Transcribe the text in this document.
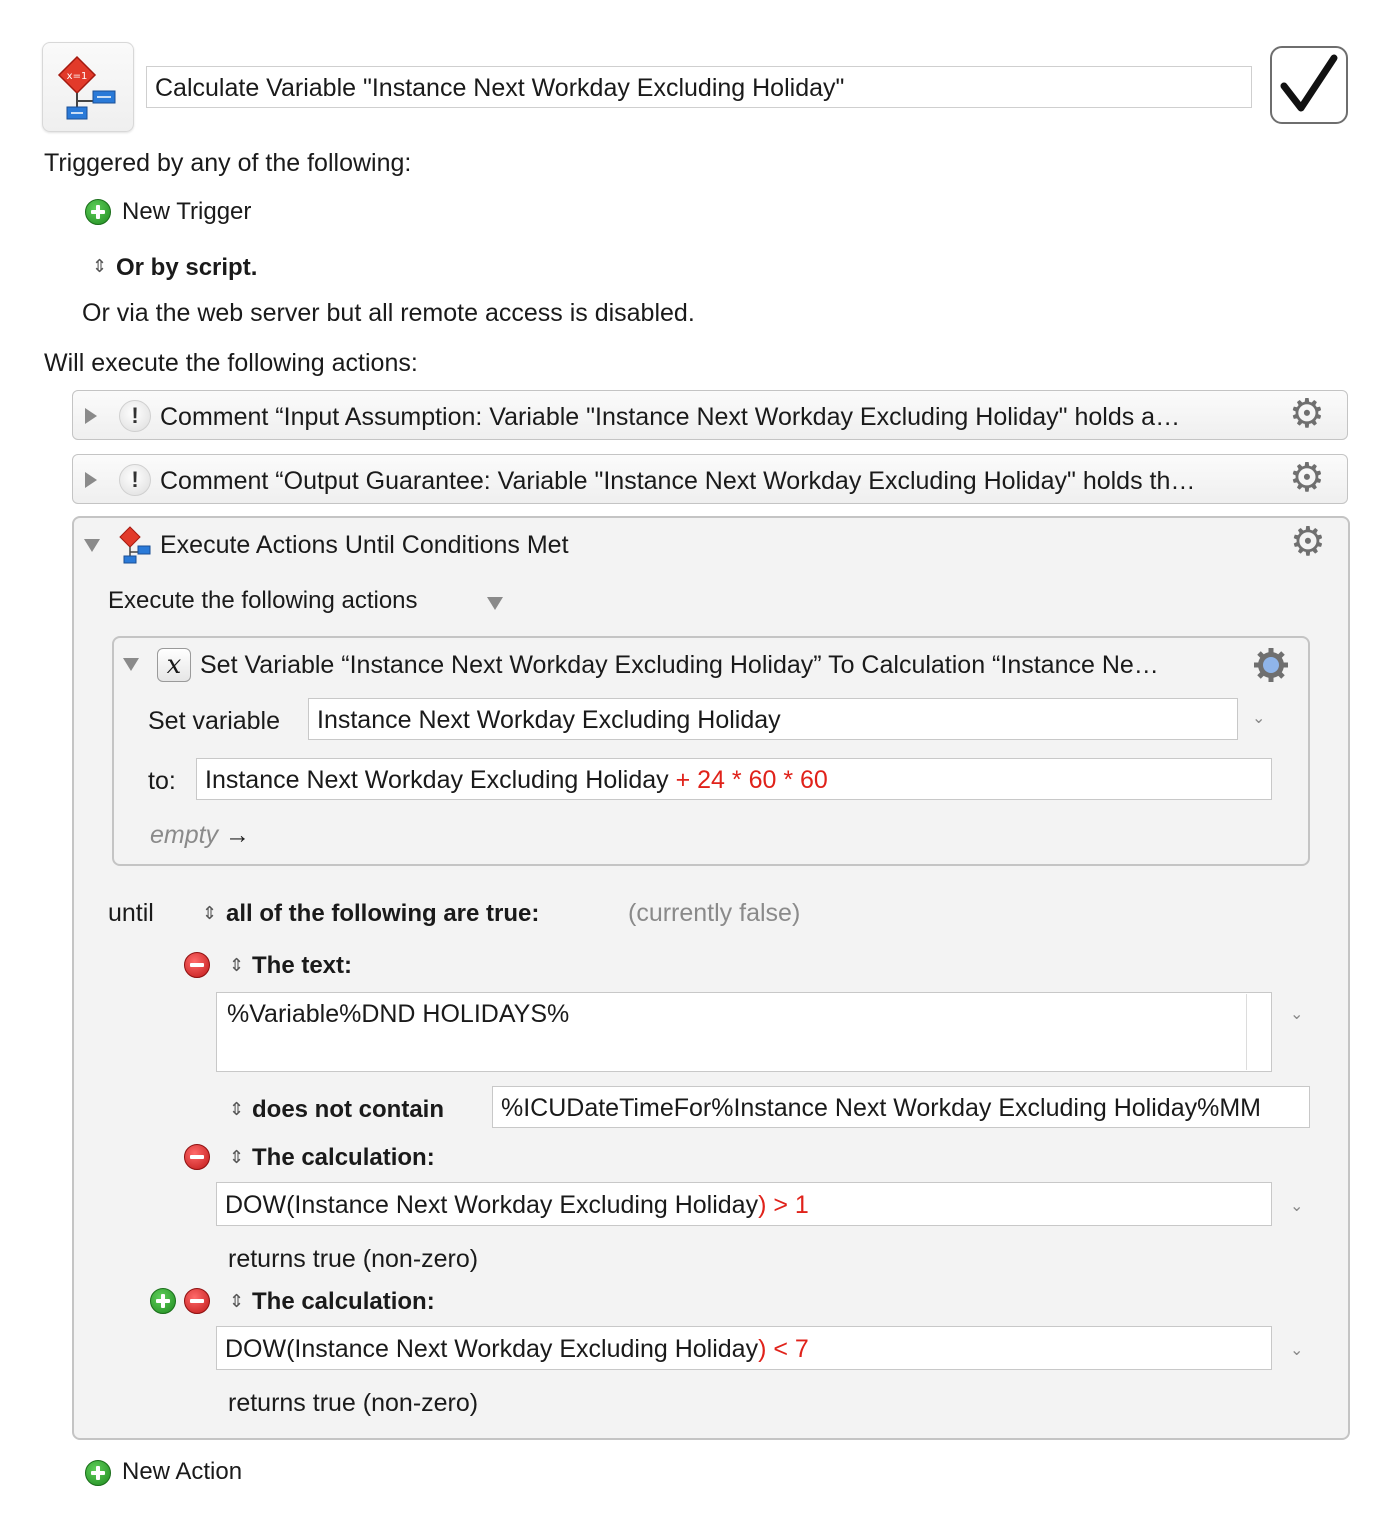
x=1	Calculate Variable "Instance Next Workday Excluding Holiday"
Triggered by any of the following:
New Trigger
⇕ Or by script.
Or via the web server but all remote access is disabled.
Will execute the following actions:
! Comment “Input Assumption: Variable "Instance Next Workday Excluding Holiday" holds a…	⚙
! Comment “Output Guarantee: Variable "Instance Next Workday Excluding Holiday" holds th… ⚙
Execute Actions Until Conditions Met	⚙
Execute the following actions
x Set Variable “Instance Next Workday Excluding Holiday” To Calculation “Instance Ne…
Set variable	Instance Next Workday Excluding Holiday	⌄
to:	Instance Next Workday Excluding Holiday + 24 * 60 * 60
empty →
until	⇕ all of the following are true:	(currently false)
⇕ The text:
%Variable%DND HOLIDAYS%	⌄
⇕ does not contain	%ICUDateTimeFor%Instance Next Workday Excluding Holiday%MM
⇕ The calculation:
DOW(Instance Next Workday Excluding Holiday) > 1	⌄
returns true (non-zero)
⇕ The calculation:
DOW(Instance Next Workday Excluding Holiday) < 7	⌄
returns true (non-zero)
New Action
